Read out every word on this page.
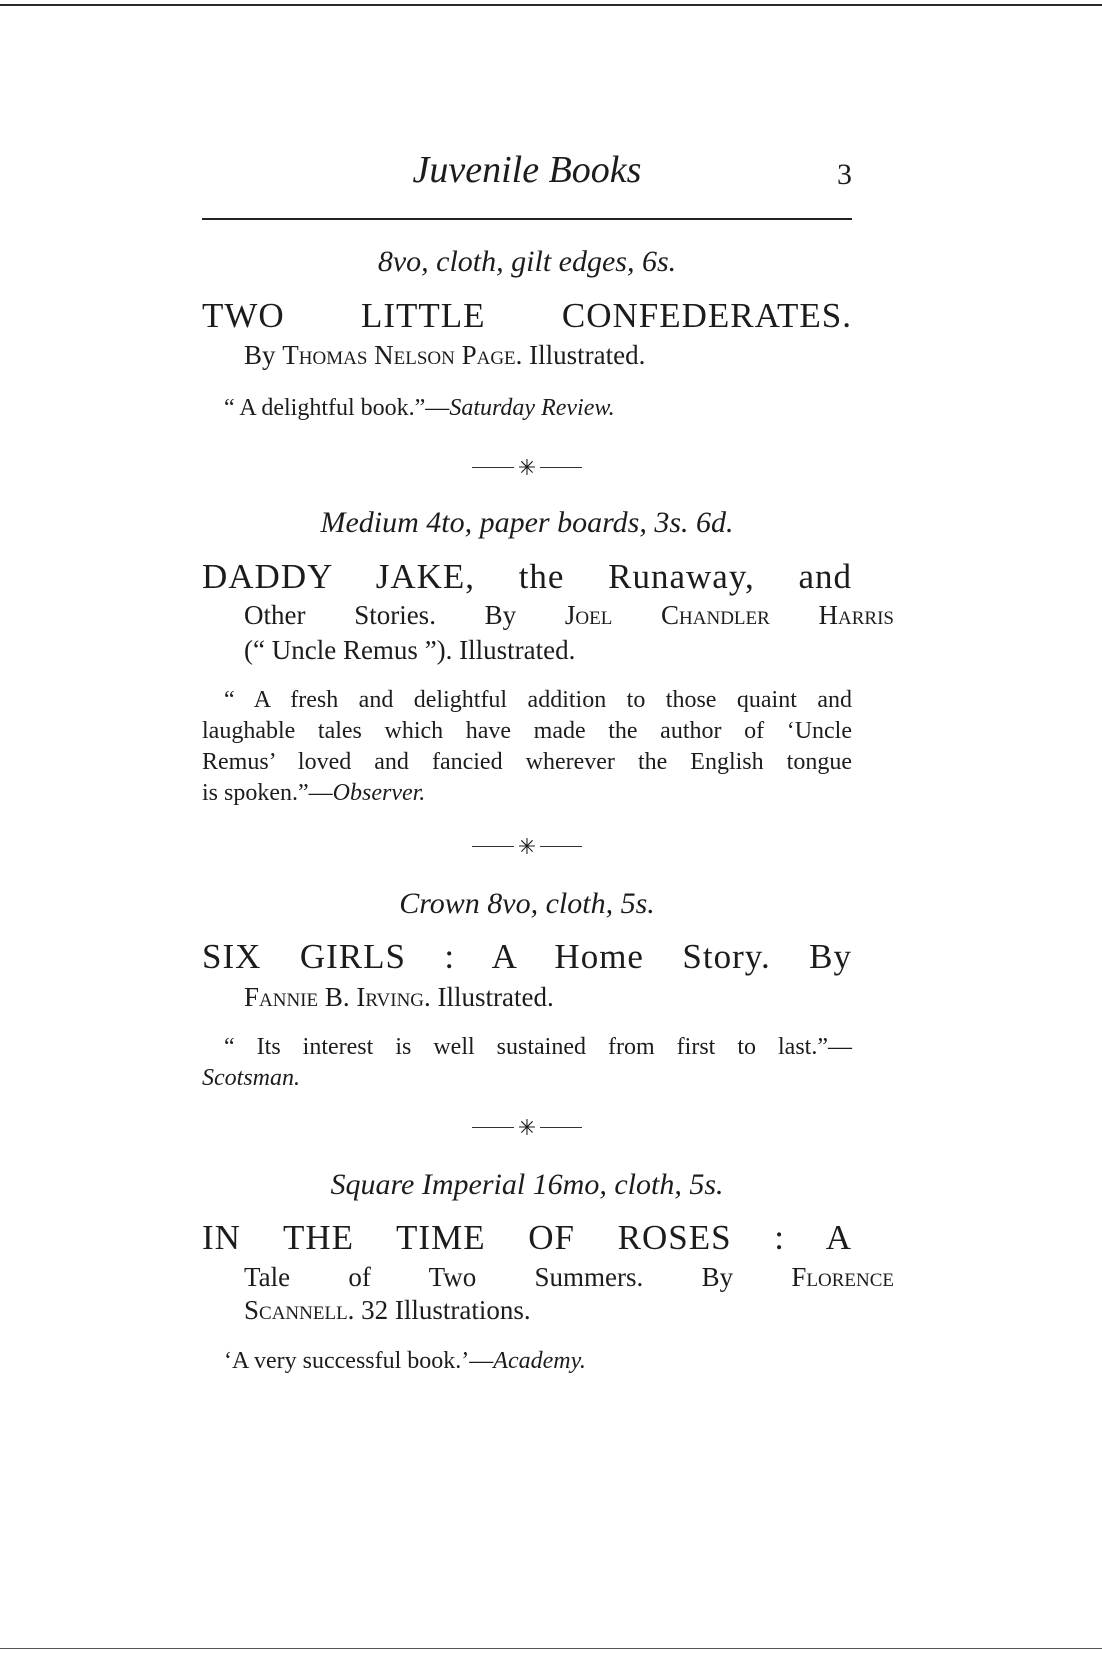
Juvenile Books	3
8vo, cloth, gilt edges, 6s.
TWO LITTLE CONFEDERATES.
By Thomas Nelson Page. Illustrated.
“ A delightful book.”—Saturday Review.
✳
Medium 4to, paper boards, 3s. 6d.
DADDY JAKE, the Runaway, and
Other Stories. By Joel Chandler Harris
(“ Uncle Remus ”). Illustrated.
“ A fresh and delightful addition to those quaint and
laughable tales which have made the author of ‘Uncle
Remus’ loved and fancied wherever the English tongue
is spoken.”—Observer.
✳
Crown 8vo, cloth, 5s.
SIX GIRLS : A Home Story. By
Fannie B. Irving. Illustrated.
“ Its interest is well sustained from first to last.”—
Scotsman.
✳
Square Imperial 16mo, cloth, 5s.
IN THE TIME OF ROSES : A
Tale of Two Summers. By Florence
Scannell. 32 Illustrations.
‘A very successful book.’—Academy.
